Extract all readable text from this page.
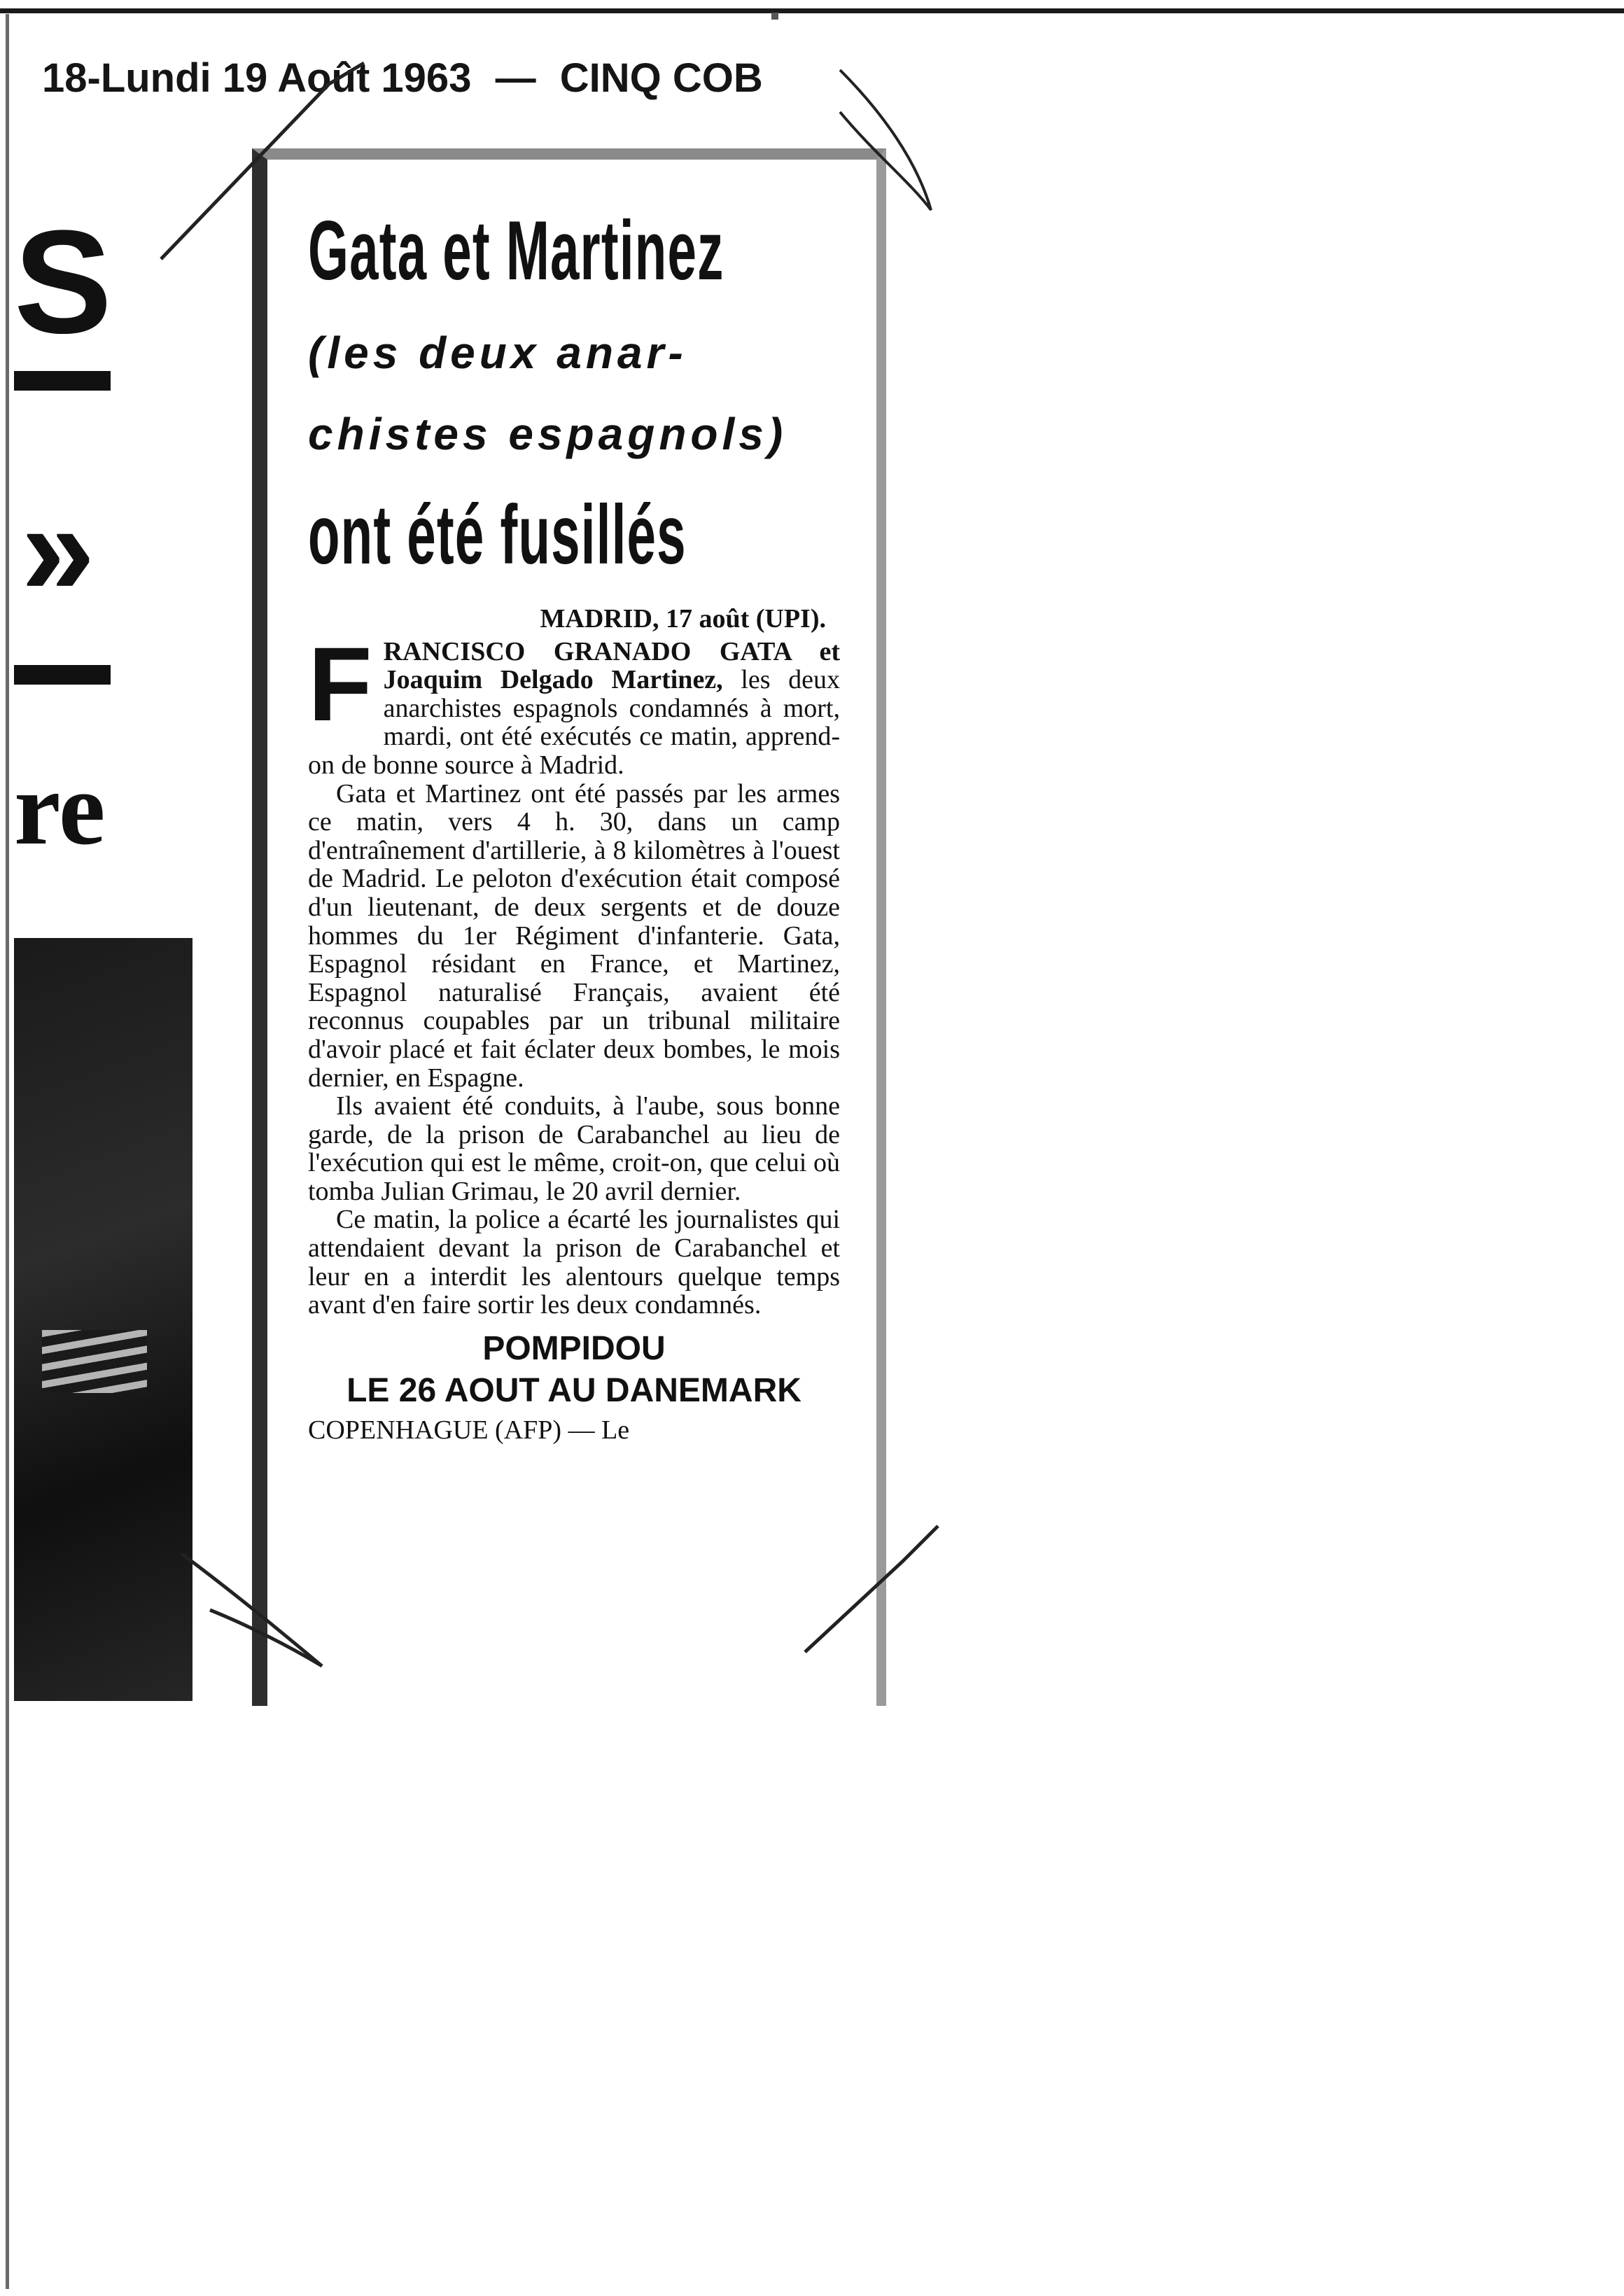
18-Lundi 19 Août 1963 — CINQ COB
S
»
re
Gata et Martinez
(les deux anar-
chistes espagnols)
ont été fusillés

MADRID, 17 août (UPI).

FRANCISCO GRANADO GATA et Joaquim Delgado Martinez, les deux anarchistes espagnols condamnés à mort, mardi, ont été exécutés ce matin, apprend-on de bonne source à Madrid.

Gata et Martinez ont été passés par les armes ce matin, vers 4 h. 30, dans un camp d'entraînement d'artillerie, à 8 kilomètres à l'ouest de Madrid. Le peloton d'exécution était composé d'un lieutenant, de deux sergents et de douze hommes du 1er Régiment d'infanterie. Gata, Espagnol résidant en France, et Martinez, Espagnol naturalisé Français, avaient été reconnus coupables par un tribunal militaire d'avoir placé et fait éclater deux bombes, le mois dernier, en Espagne.

Ils avaient été conduits, à l'aube, sous bonne garde, de la prison de Carabanchel au lieu de l'exécution qui est le même, croit-on, que celui où tomba Julian Grimau, le 20 avril dernier.

Ce matin, la police a écarté les journalistes qui attendaient devant la prison de Carabanchel et leur en a interdit les alentours quelque temps avant d'en faire sortir les deux condamnés.

POMPIDOU
LE 26 AOUT AU DANEMARK
COPENHAGUE (AFP) — Le
